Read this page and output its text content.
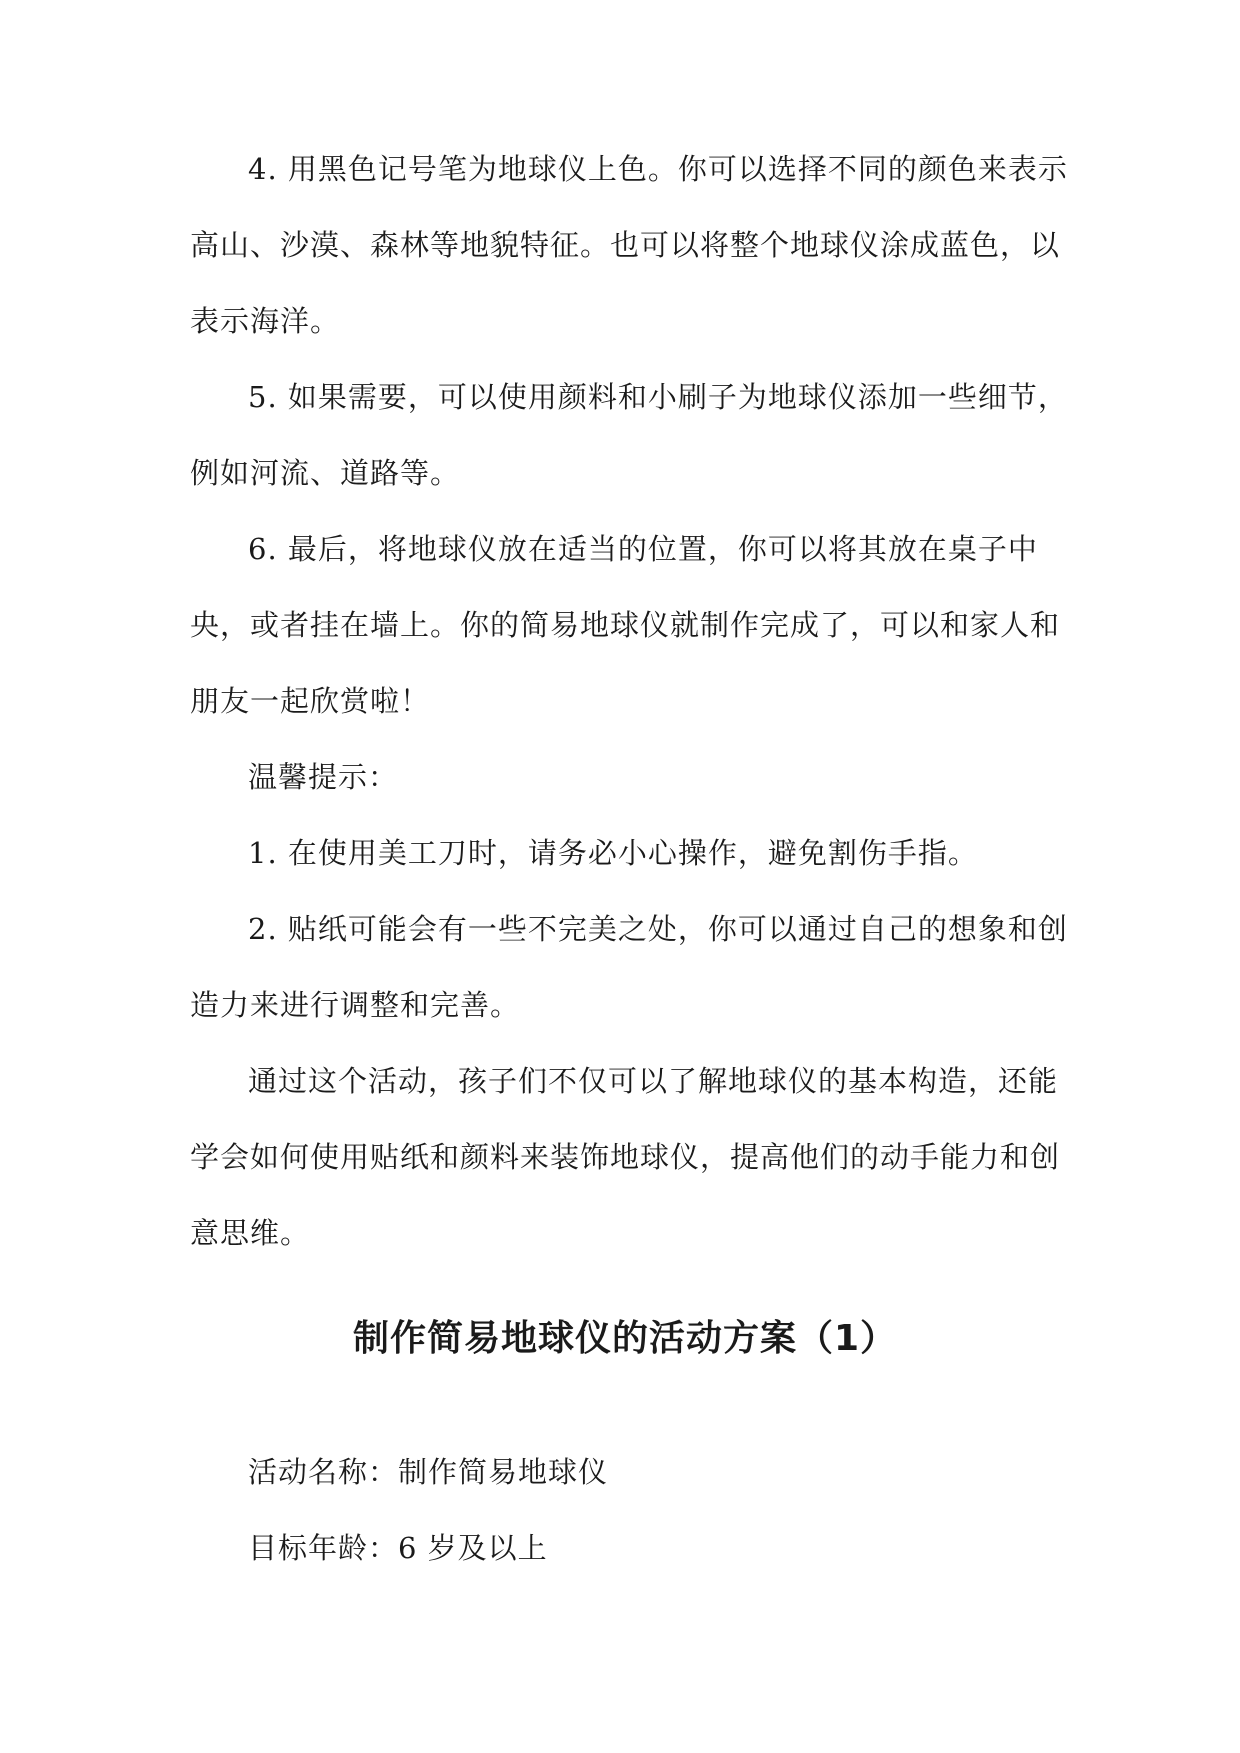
4. 用黑色记号笔为地球仪上色。你可以选择不同的颜色来表示
高山、沙漠、森林等地貌特征。也可以将整个地球仪涂成蓝色，以
表示海洋。
5. 如果需要，可以使用颜料和小刷子为地球仪添加一些细节，
例如河流、道路等。
6. 最后，将地球仪放在适当的位置，你可以将其放在桌子中
央，或者挂在墙上。你的简易地球仪就制作完成了，可以和家人和
朋友一起欣赏啦！
温馨提示：
1. 在使用美工刀时，请务必小心操作，避免割伤手指。
2. 贴纸可能会有一些不完美之处，你可以通过自己的想象和创
造力来进行调整和完善。
通过这个活动，孩子们不仅可以了解地球仪的基本构造，还能
学会如何使用贴纸和颜料来装饰地球仪，提高他们的动手能力和创
意思维。
制作简易地球仪的活动方案（1）
活动名称：制作简易地球仪
目标年龄：6 岁及以上
